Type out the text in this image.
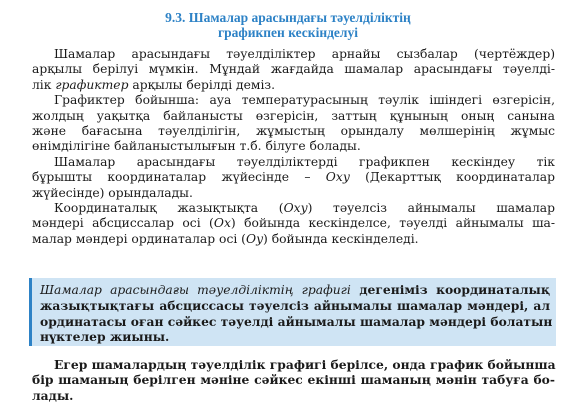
9.3. Шамалар арасындағы тәуелділіктің
графикпен кескінделуі

Шамалар арасындағы тәуелділіктер арнайы сызбалар (чертёждер)
арқылы берілуі мүмкін. Мұндай жағдайда шамалар арасындағы тәуелді-
лік графиктер арқылы берілді деміз.

Графиктер бойынша: ауа температурасының тәулік ішіндегі өзгерісін,
жолдың уақытқа байланысты өзгерісін, заттың құнының оның санына
және бағасына тәуелділігін, жұмыстың орындалу мөлшерінің жұмыс
өнімділігіне байланыстылығын т.б. білуге болады.

Шамалар арасындағы тәуелділіктерді графикпен кескіндеу тік
бұрышты координаталар жүйесінде – Oxy (Декарттық координаталар
жүйесінде) орындалады.

Координаталық жазықтықта (Oxy) тәуелсіз айнымалы шамалар
мәндері абсциссалар осі (Ox) бойында кескінделсе, тәуелді айнымалы ша-
малар мәндері ординаталар осі (Oy) бойында кескінделеді.

Шамалар арасындағы тәуелділіктің графигі дегеніміз координаталық
жазықтықтағы абсциссасы тәуелсіз айнымалы шамалар мәндері, ал
ординатасы оған сәйкес тәуелді айнымалы шамалар мәндері болатын
нүктелер жиыны.
Егер шамалардың тәуелділік графигі берілсе, онда график бойынша
бір шаманың берілген мәніне сәйкес екінші шаманың мәнін табуға бо-
лады.
